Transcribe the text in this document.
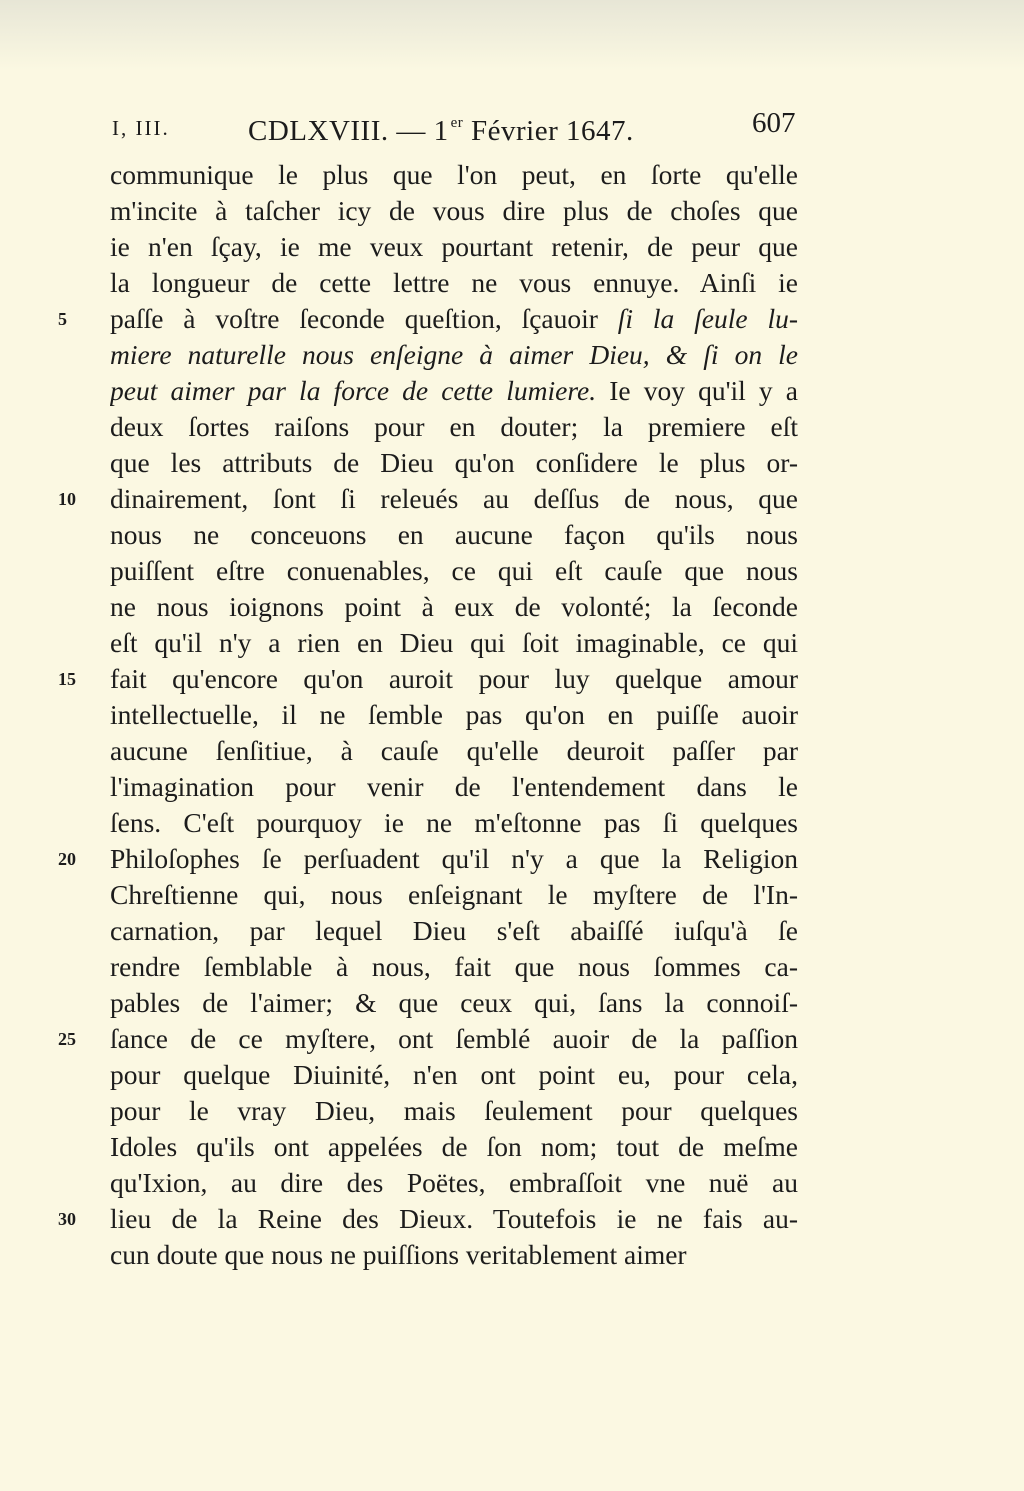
I, III.	CDLXVIII. — 1 $^{er}$ Février 1647.	607
5
10
15
20
25
30
communique le plus que l'on peut, en ſorte qu'elle
m'incite à taſcher icy de vous dire plus de choſes que
ie n'en ſçay, ie me veux pourtant retenir, de peur que
la longueur de cette lettre ne vous ennuye. Ainſi ie
paſſe à voſtre ſeconde queſtion, ſçauoir ſi la ſeule lu-
miere naturelle nous enſeigne à aimer Dieu, & ſi on le
peut aimer par la force de cette lumiere. Ie voy qu'il y a
deux ſortes raiſons pour en douter; la premiere eſt
que les attributs de Dieu qu'on conſidere le plus or-
dinairement, ſont ſi releués au deſſus de nous, que
nous ne conceuons en aucune façon qu'ils nous
puiſſent eſtre conuenables, ce qui eſt cauſe que nous
ne nous ioignons point à eux de volonté; la ſeconde
eſt qu'il n'y a rien en Dieu qui ſoit imaginable, ce qui
fait qu'encore qu'on auroit pour luy quelque amour
intellectuelle, il ne ſemble pas qu'on en puiſſe auoir
aucune ſenſitiue, à cauſe qu'elle deuroit paſſer par
l'imagination pour venir de l'entendement dans le
ſens. C'eſt pourquoy ie ne m'eſtonne pas ſi quelques
Philoſophes ſe perſuadent qu'il n'y a que la Religion
Chreſtienne qui, nous enſeignant le myſtere de l'In-
carnation, par lequel Dieu s'eſt abaiſſé iuſqu'à ſe
rendre ſemblable à nous, fait que nous ſommes ca-
pables de l'aimer; & que ceux qui, ſans la connoiſ-
ſance de ce myſtere, ont ſemblé auoir de la paſſion
pour quelque Diuinité, n'en ont point eu, pour cela,
pour le vray Dieu, mais ſeulement pour quelques
Idoles qu'ils ont appelées de ſon nom; tout de meſme
qu'Ixion, au dire des Poëtes, embraſſoit vne nuë au
lieu de la Reine des Dieux. Toutefois ie ne fais au-
cun doute que nous ne puiſſions veritablement aimer
